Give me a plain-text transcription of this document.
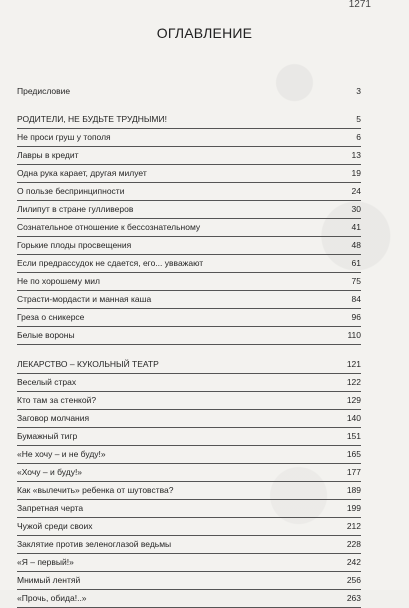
1271
ОГЛАВЛЕНИЕ
Предисловие	3
РОДИТЕЛИ, НЕ БУДЬТЕ ТРУДНЫМИ!	5
Не проси груш у тополя	6
Лавры в кредит	13
Одна рука карает, другая милует	19
О пользе беспринципности	24
Лилипут в стране гулливеров	30
Сознательное отношение к бессознательному	41
Горькие плоды просвещения	48
Если предрассудок не сдается, его... увважают	61
Не по хорошему мил	75
Страсти-мордасти и манная каша	84
Греза о сникерсе	96
Белые вороны	110
ЛЕКАРСТВО – КУКОЛЬНЫЙ ТЕАТР	121
Веселый страх	122
Кто там за стенкой?	129
Заговор молчания	140
Бумажный тигр	151
«Не хочу – и не буду!»	165
«Хочу – и буду!»	177
Как «вылечить» ребенка от шутовства?	189
Запретная черта	199
Чужой среди своих	212
Заклятие против зеленоглазой ведьмы	228
«Я – первый!»	242
Мнимый лентяй	256
«Прочь, обида!..»	263
